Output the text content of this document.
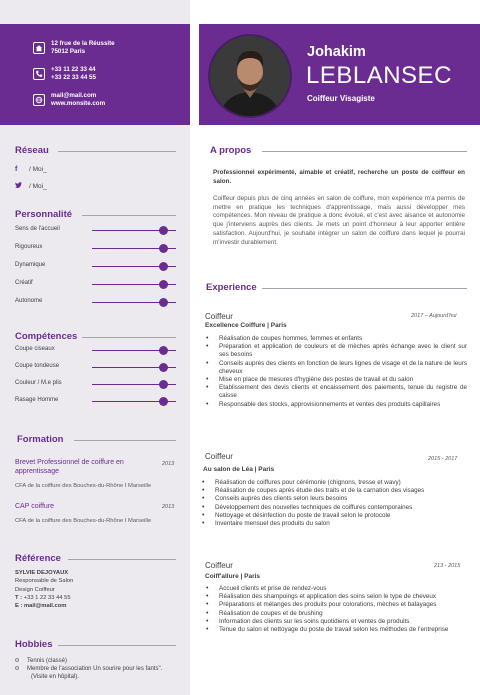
12 frue de la Réussite
75012 Paris
+33 11 22 33 44
+33 22 33 44 55
mail@mail.com
www.monsite.com
Johakim
LEBLANSEC
Coiffeur Visagiste
Réseau
f	/ Moi_
/ Moi_
Personnalité
Sens de l'accueil
Rigoureux
Dynamique
Créatif
Autonome
Compétences
Coupe ciseaux
Coupe tondeuse
Couleur / M.e plis
Rasage Homme
Formation
Brevet Professionnel de coiffure en apprentissage
2013
CFA de la coiffure des Bouches-du-Rhône I Marseille
CAP coiffure	2013
CFA de la coiffure des Bouches-du-Rhône I Marseille
Référence
SYLVIE DEJOYAUX
Responsable de Salon
Design Coiffeur
T : +33 1 22 33 44 55
E : mail@mail.com
Hobbies
Tennis (classé)
Membre de l'association Un sourire pour les fants". (Visite en hôpital).
A propos
Professionnel expérimenté, aimable et créatif, recherche un poste de coiffeur en salon.
Coiffeur depuis plus de cinq années en salon de coiffure, mon expérience m'a permis de mettre en pratique les techniques d'apprentissage, mais aussi développer mes compétences. Mon niveau de pratique a donc évolué, et c'est avec aisance et autonomie que j'interviens auprès des clients. Je mets un point d'honneur à leur apporter entière satisfaction. Aujourd'hui, je souhaite intégrer un salon de coiffure dans lequel je pourrai m'investir durablement.
Experience
Coiffeur	2017 – Aujourd'hui
Excellence Coiffure | Paris
• Réalisation de coupes hommes, femmes et enfants
• Préparation et application de couleurs et de mèches après échange avec le client sur ses besoins
• Conseils auprès des clients en fonction de leurs lignes de visage et de la nature de leurs cheveux
• Mise en place de mesures d'hygiène des postes de travail et du salon
• Etablissement des devis clients et encaissement des paiements, tenue du registre de caisse
• Responsable des stocks, approvisionnements et ventes des produits capillaires
Coiffeur	2015 - 2017
Au salon de Léa | Paris
• Réalisation de coiffures pour cérémonie (chignons, tresse et wavy)
• Réalisation de coupes après étude des traits et de la carnation des visages
• Conseils auprès des clients selon leurs besoins
• Développement des nouvelles techniques de coiffures contemporaines
• Nettoyage et désinfection du poste de travail selon le protocole
• Inventaire mensuel des produits du salon
Coiffeur	213 - 2015
Coiff'allure | Paris
• Accueil clients et prise de rendez-vous
• Réalisation des shampoings et application des soins selon le type de cheveux
• Préparations et mélanges des produits pour colorations, mèches et balayages
• Réalisation de coupes et de brushing
• Information des clients sur les soins quotidiens et ventes de produits
• Tenue du salon et nettoyage du poste de travail selon les méthodes de l'entreprise
